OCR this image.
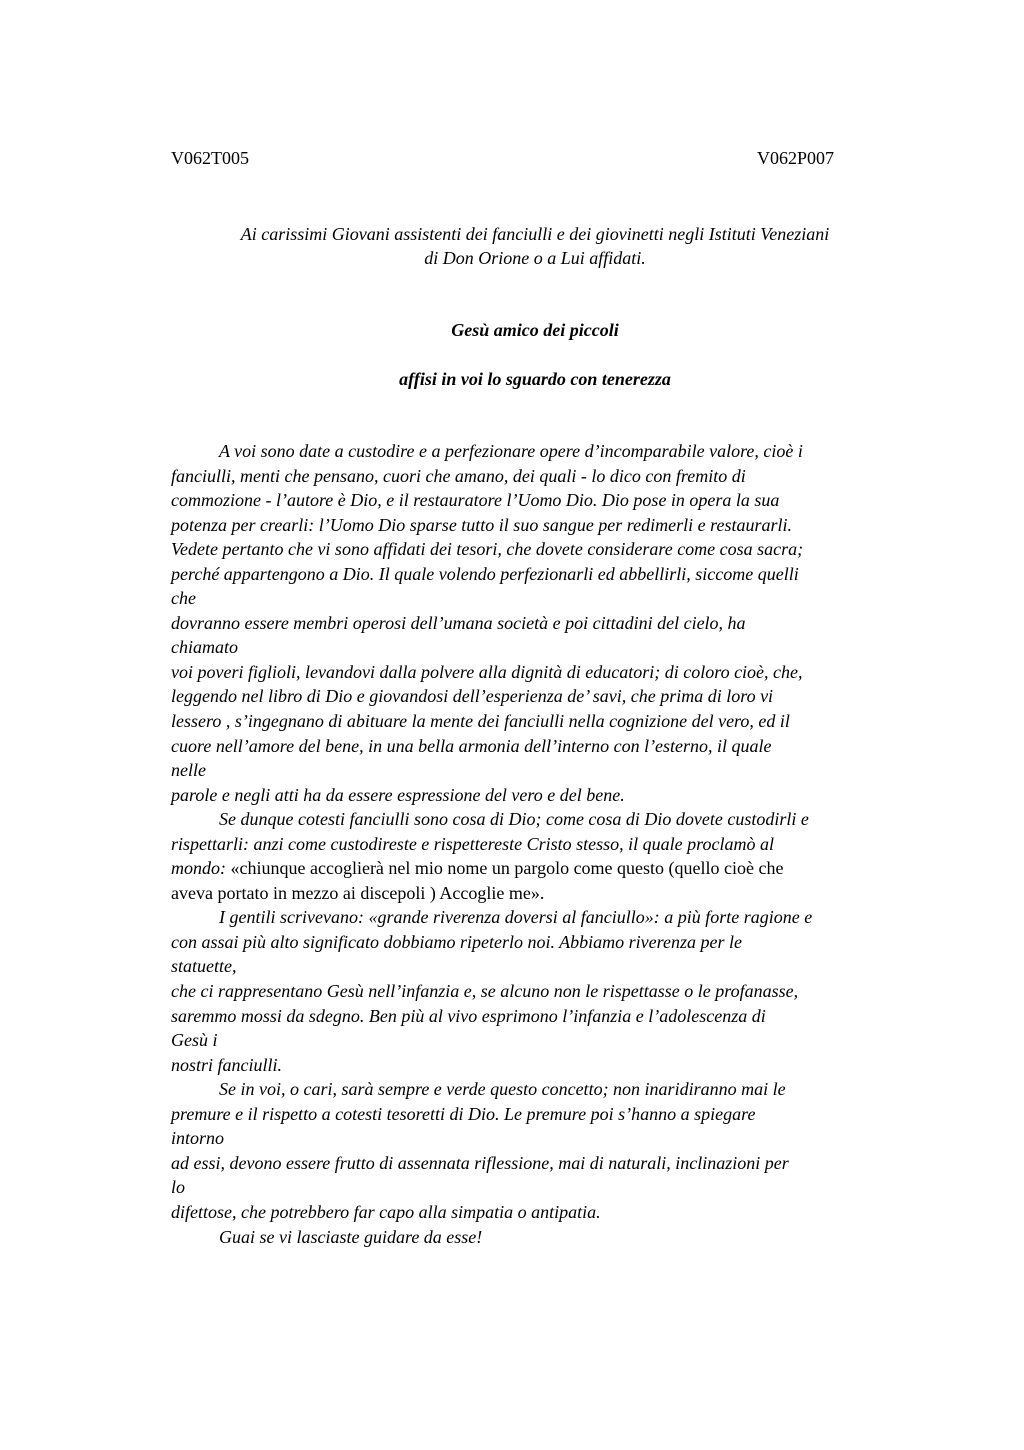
V062T005	V062P007
Ai carissimi Giovani assistenti dei fanciulli e dei giovinetti negli Istituti Veneziani
di Don Orione o a Lui affidati.
Gesù amico dei piccoli
affisi in voi lo sguardo con tenerezza
A voi sono date a custodire e a perfezionare opere d’incomparabile valore, cioè i
fanciulli, menti che pensano, cuori che amano, dei quali - lo dico con fremito di
commozione - l’autore è Dio, e il restauratore l’Uomo Dio. Dio pose in opera la sua
potenza per crearli: l’Uomo Dio sparse tutto il suo sangue per redimerli e restaurarli.
Vedete pertanto che vi sono affidati dei tesori, che dovete considerare come cosa sacra;
perché appartengono a Dio. Il quale volendo perfezionarli ed abbellirli, siccome quelli
che
dovranno essere membri operosi dell’umana società e poi cittadini del cielo, ha
chiamato
voi poveri figlioli, levandovi dalla polvere alla dignità di educatori; di coloro cioè, che,
leggendo nel libro di Dio e giovandosi dell’esperienza de’ savi, che prima di loro vi
lessero , s’ingegnano di abituare la mente dei fanciulli nella cognizione del vero, ed il
cuore nell’amore del bene, in una bella armonia dell’interno con l’esterno, il quale
nelle
parole e negli atti ha da essere espressione del vero e del bene.
Se dunque cotesti fanciulli sono cosa di Dio; come cosa di Dio dovete custodirli e
rispettarli: anzi come custodireste e rispettereste Cristo stesso, il quale proclamò al
mondo: «chiunque accoglierà nel mio nome un pargolo come questo (quello cioè che
aveva portato in mezzo ai discepoli ) Accoglie me».
I gentili scrivevano: «grande riverenza doversi al fanciullo»: a più forte ragione e
con assai più alto significato dobbiamo ripeterlo noi. Abbiamo riverenza per le
statuette,
che ci rappresentano Gesù nell’infanzia e, se alcuno non le rispettasse o le profanasse,
saremmo mossi da sdegno. Ben più al vivo esprimono l’infanzia e l’adolescenza di
Gesù i
nostri fanciulli.
Se in voi, o cari, sarà sempre e verde questo concetto; non inaridiranno mai le
premure e il rispetto a cotesti tesoretti di Dio. Le premure poi s’hanno a spiegare
intorno
ad essi, devono essere frutto di assennata riflessione, mai di naturali, inclinazioni per
lo
difettose, che potrebbero far capo alla simpatia o antipatia.
Guai se vi lasciaste guidare da esse!
